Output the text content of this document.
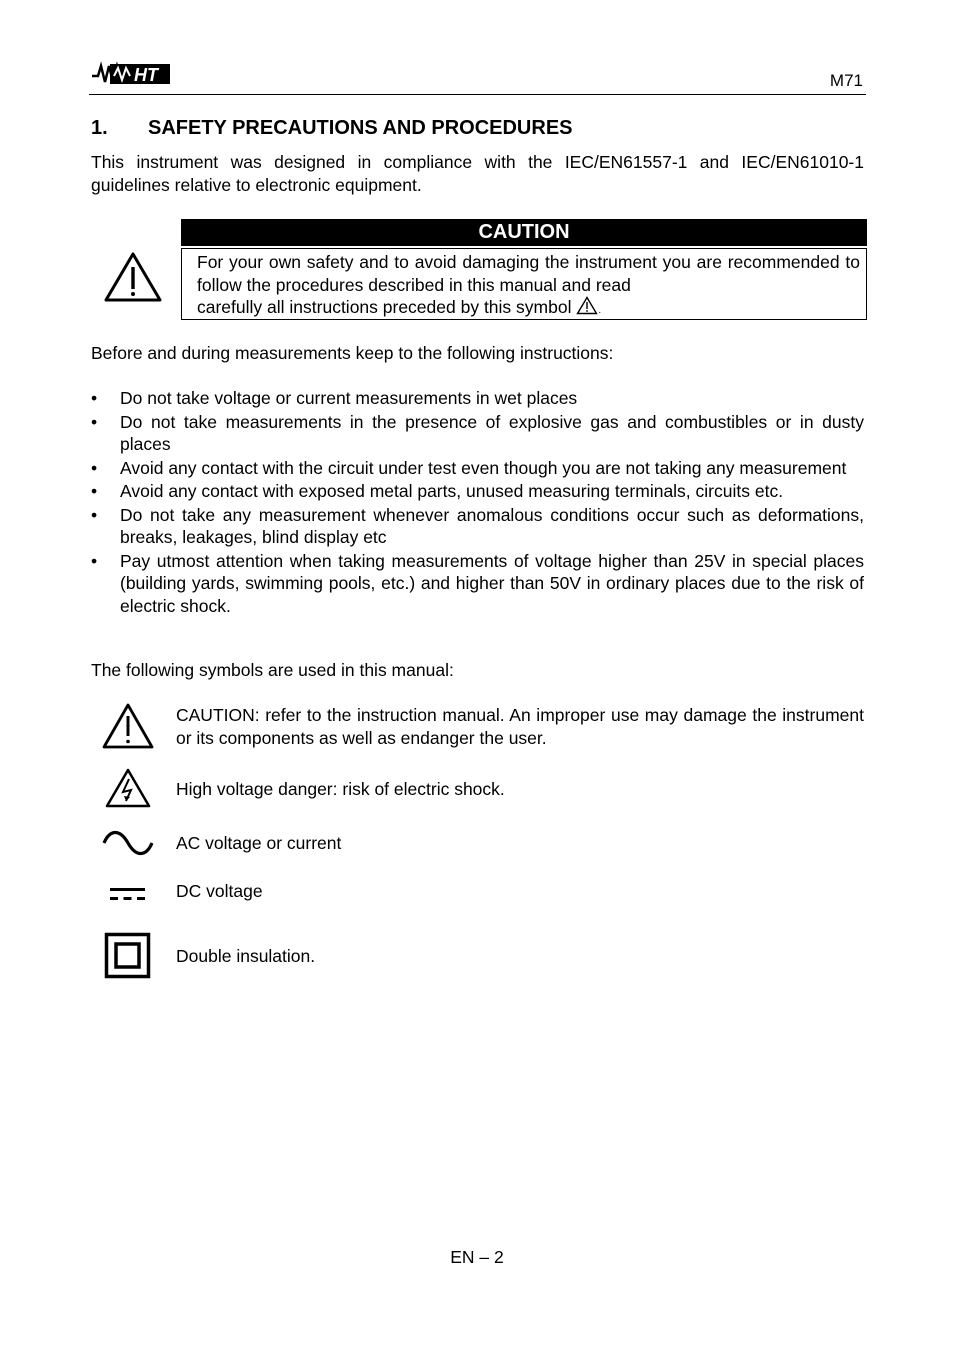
HT	M71
1. SAFETY PRECAUTIONS AND PROCEDURES
This instrument was designed in compliance with the IEC/EN61557-1 and IEC/EN61010-1 guidelines relative to electronic equipment.
CAUTION
For your own safety and to avoid damaging the instrument you are recommended to follow the procedures described in this manual and read
carefully all instructions preceded by this symbol	.
Before and during measurements keep to the following instructions:
• Do not take voltage or current measurements in wet places
• Do not take measurements in the presence of explosive gas and combustibles or in dusty places
• Avoid any contact with the circuit under test even though you are not taking any measurement
• Avoid any contact with exposed metal parts, unused measuring terminals, circuits etc.
• Do not take any measurement whenever anomalous conditions occur such as deformations, breaks, leakages, blind display etc
• Pay utmost attention when taking measurements of voltage higher than 25V in special places (building yards, swimming pools, etc.) and higher than 50V in ordinary places due to the risk of electric shock.
The following symbols are used in this manual:
CAUTION: refer to the instruction manual. An improper use may damage the instrument or its components as well as endanger the user.
High voltage danger: risk of electric shock.
AC voltage or current
DC voltage
Double insulation.
EN – 2
